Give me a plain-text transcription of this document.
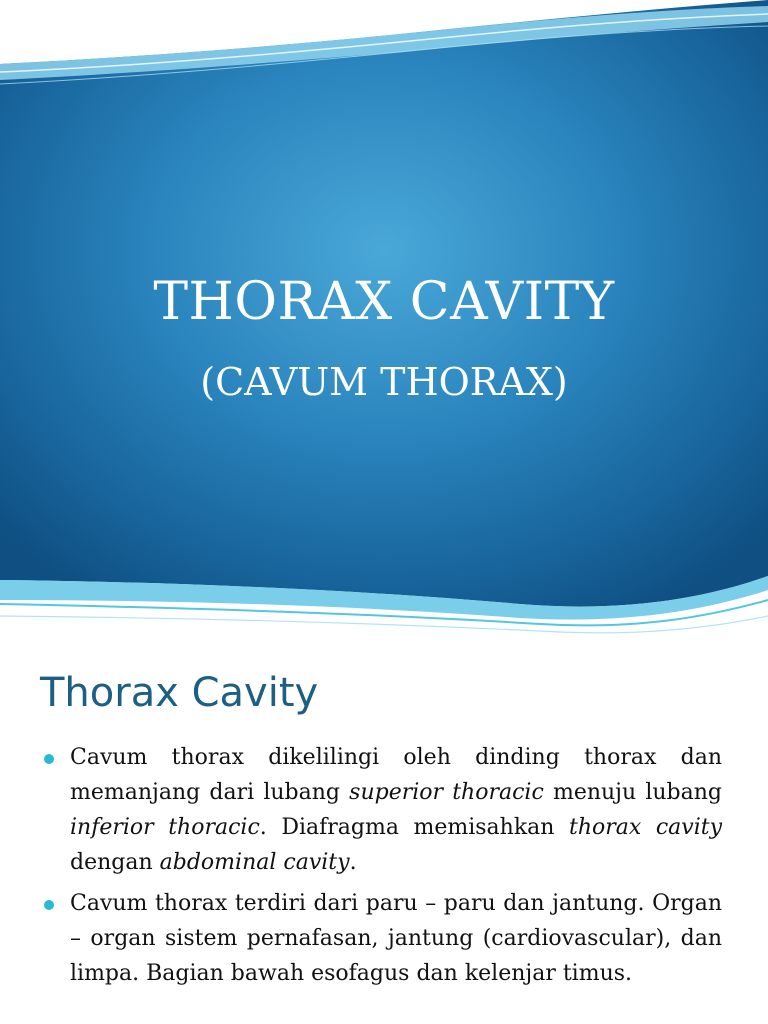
THORAX CAVITY
(CAVUM THORAX)
Thorax Cavity
Cavum thorax dikelilingi oleh dinding thorax dan memanjang dari lubang superior thoracic menuju lubang inferior thoracic. Diafragma memisahkan thorax cavity dengan abdominal cavity.
Cavum thorax terdiri dari paru – paru dan jantung. Organ – organ sistem pernafasan, jantung (cardiovascular), dan limpa. Bagian bawah esofagus dan kelenjar timus.
